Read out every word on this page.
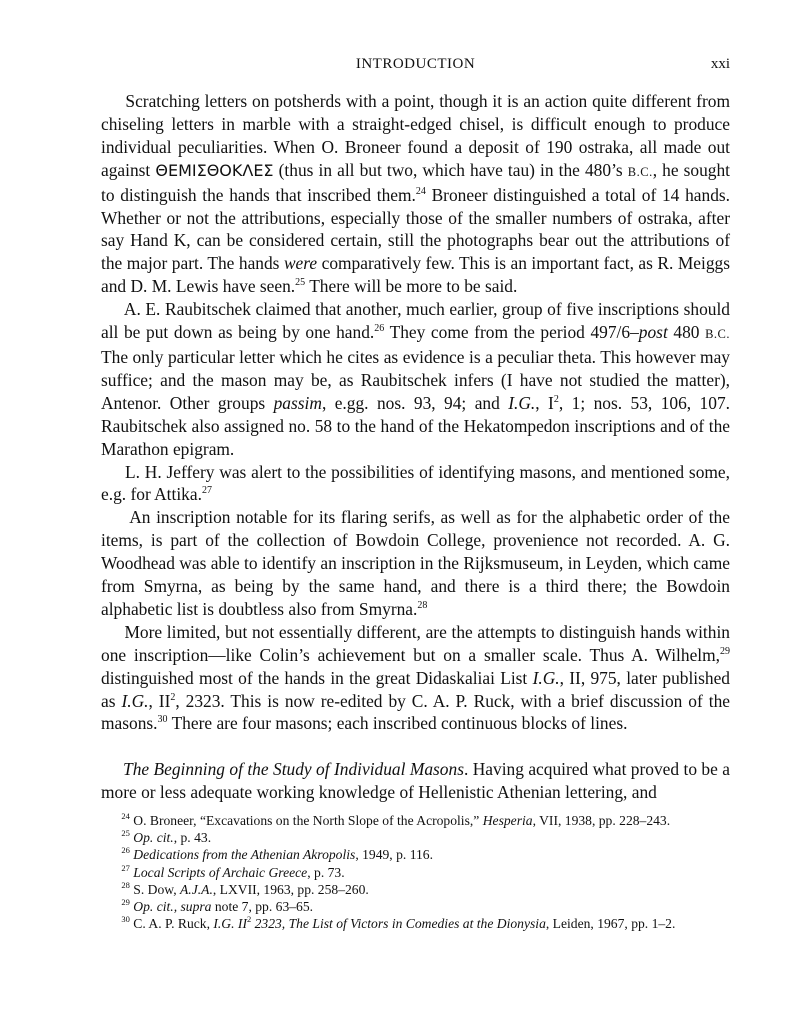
INTRODUCTION	xxi

Scratching letters on potsherds with a point, though it is an action quite different from chiseling letters in marble with a straight-edged chisel, is difficult enough to produce individual peculiarities. When O. Broneer found a deposit of 190 ostraka, all made out against ΘΕΜΙΣΘΟΚΛΕΣ (thus in all but two, which have tau) in the 480’s B.C., he sought to distinguish the hands that inscribed them.$^{24}$ Broneer distinguished a total of 14 hands. Whether or not the attributions, especially those of the smaller numbers of ostraka, after say Hand K, can be considered certain, still the photographs bear out the attributions of the major part. The hands were comparatively few. This is an important fact, as R. Meiggs and D. M. Lewis have seen.$^{25}$ There will be more to be said.

A. E. Raubitschek claimed that another, much earlier, group of five inscriptions should all be put down as being by one hand.$^{26}$ They come from the period 497/6–post 480 B.C. The only particular letter which he cites as evidence is a peculiar theta. This however may suffice; and the mason may be, as Raubitschek infers (I have not studied the matter), Antenor. Other groups passim, e.gg. nos. 93, 94; and I.G., $I^2$, 1; nos. 53, 106, 107. Raubitschek also assigned no. 58 to the hand of the Hekatompedon inscriptions and of the Marathon epigram.

L. H. Jeffery was alert to the possibilities of identifying masons, and mentioned some, e.g. for Attika.$^{27}$

An inscription notable for its flaring serifs, as well as for the alphabetic order of the items, is part of the collection of Bowdoin College, provenience not recorded. A. G. Woodhead was able to identify an inscription in the Rijksmuseum, in Leyden, which came from Smyrna, as being by the same hand, and there is a third there; the Bowdoin alphabetic list is doubtless also from Smyrna.$^{28}$

More limited, but not essentially different, are the attempts to distinguish hands within one inscription—like Colin’s achievement but on a smaller scale. Thus A. Wilhelm,$^{29}$ distinguished most of the hands in the great Didaskaliai List I.G., II, 975, later published as I.G., $II^2$, 2323. This is now re-edited by C. A. P. Ruck, with a brief discussion of the masons.$^{30}$ There are four masons; each inscribed continuous blocks of lines.

The Beginning of the Study of Individual Masons. Having acquired what proved to be a more or less adequate working knowledge of Hellenistic Athenian lettering, and

$^{24}$ O. Broneer, “Excavations on the North Slope of the Acropolis,” Hesperia, VII, 1938, pp. 228–243.

$^{25}$ Op. cit., p. 43.

$^{26}$ Dedications from the Athenian Akropolis, 1949, p. 116.

$^{27}$ Local Scripts of Archaic Greece, p. 73.

$^{28}$ S. Dow, A.J.A., LXVII, 1963, pp. 258–260.

$^{29}$ Op. cit., supra note 7, pp. 63–65.

$^{30}$ C. A. P. Ruck, I.G. $II^2$ 2323, The List of Victors in Comedies at the Dionysia, Leiden, 1967, pp. 1–2.
